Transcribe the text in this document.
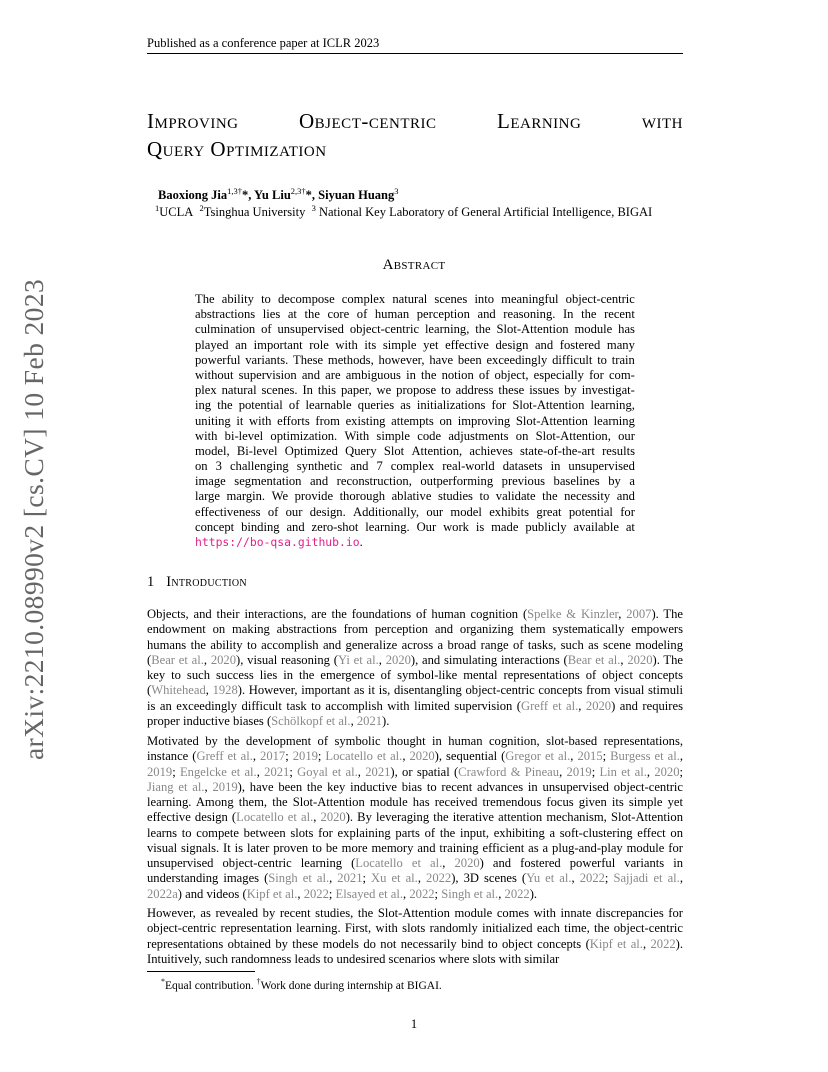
Published as a conference paper at ICLR 2023
arXiv:2210.08990v2 [cs.CV] 10 Feb 2023
Improving	Object-centric	Learning	with
Query Optimization
Baoxiong Jia$^{1,3\dagger}$*, Yu Liu$^{2,3\dagger}$*, Siyuan Huang$^3$
$^1$UCLA $^2$Tsinghua University $^3$ National Key Laboratory of General Artificial Intelligence, BIGAI
Abstract
The ability to decompose complex natural scenes into meaningful object-centric
abstractions lies at the core of human perception and reasoning. In the recent
culmination of unsupervised object-centric learning, the Slot-Attention module has
played an important role with its simple yet effective design and fostered many
powerful variants. These methods, however, have been exceedingly difficult to train
without supervision and are ambiguous in the notion of object, especially for com-
plex natural scenes. In this paper, we propose to address these issues by investigat-
ing the potential of learnable queries as initializations for Slot-Attention learning,
uniting it with efforts from existing attempts on improving Slot-Attention learning
with bi-level optimization. With simple code adjustments on Slot-Attention, our
model, Bi-level Optimized Query Slot Attention, achieves state-of-the-art results
on 3 challenging synthetic and 7 complex real-world datasets in unsupervised
image segmentation and reconstruction, outperforming previous baselines by a
large margin. We provide thorough ablative studies to validate the necessity and
effectiveness of our design. Additionally, our model exhibits great potential for
concept binding and zero-shot learning. Our work is made publicly available at
https://bo-qsa.github.io .
1 Introduction
Objects, and their interactions, are the foundations of human cognition (Spelke & Kinzler, 2007). The endowment on making abstractions from perception and organizing them systematically empowers humans the ability to accomplish and generalize across a broad range of tasks, such as scene modeling (Bear et al., 2020), visual reasoning (Yi et al., 2020), and simulating interactions (Bear et al., 2020). The key to such success lies in the emergence of symbol-like mental representations of object concepts (Whitehead, 1928). However, important as it is, disentangling object-centric concepts from visual stimuli is an exceedingly difficult task to accomplish with limited supervision (Greff et al., 2020) and requires proper inductive biases (Schölkopf et al., 2021).
Motivated by the development of symbolic thought in human cognition, slot-based representations, instance (Greff et al., 2017; 2019; Locatello et al., 2020), sequential (Gregor et al., 2015; Burgess et al., 2019; Engelcke et al., 2021; Goyal et al., 2021), or spatial (Crawford & Pineau, 2019; Lin et al., 2020; Jiang et al., 2019), have been the key inductive bias to recent advances in unsupervised object-centric learning. Among them, the Slot-Attention module has received tremendous focus given its simple yet effective design (Locatello et al., 2020). By leveraging the iterative attention mechanism, Slot-Attention learns to compete between slots for explaining parts of the input, exhibiting a soft-clustering effect on visual signals. It is later proven to be more memory and training efficient as a plug-and-play module for unsupervised object-centric learning (Locatello et al., 2020) and fostered powerful variants in understanding images (Singh et al., 2021; Xu et al., 2022), 3D scenes (Yu et al., 2022; Sajjadi et al., 2022a) and videos (Kipf et al., 2022; Elsayed et al., 2022; Singh et al., 2022).
However, as revealed by recent studies, the Slot-Attention module comes with innate discrepancies for object-centric representation learning. First, with slots randomly initialized each time, the object-centric representations obtained by these models do not necessarily bind to object concepts (Kipf et al., 2022). Intuitively, such randomness leads to undesired scenarios where slots with similar
*Equal contribution. †Work done during internship at BIGAI.
1
